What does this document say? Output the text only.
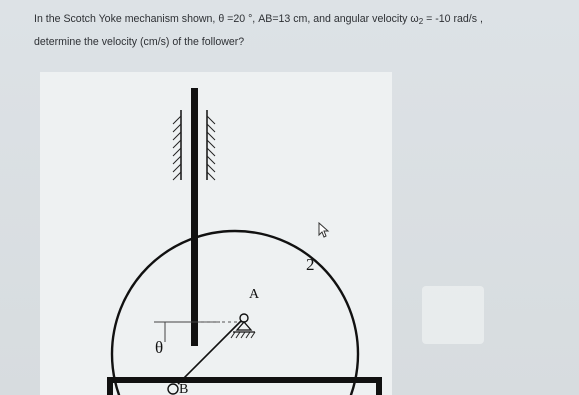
In the Scotch Yoke mechanism shown, θ =20 °, AB=13 cm, and angular velocity $\omega_2 = -10$ rad/s ,
determine the velocity (cm/s) of the follower?
2
A
θ
B
